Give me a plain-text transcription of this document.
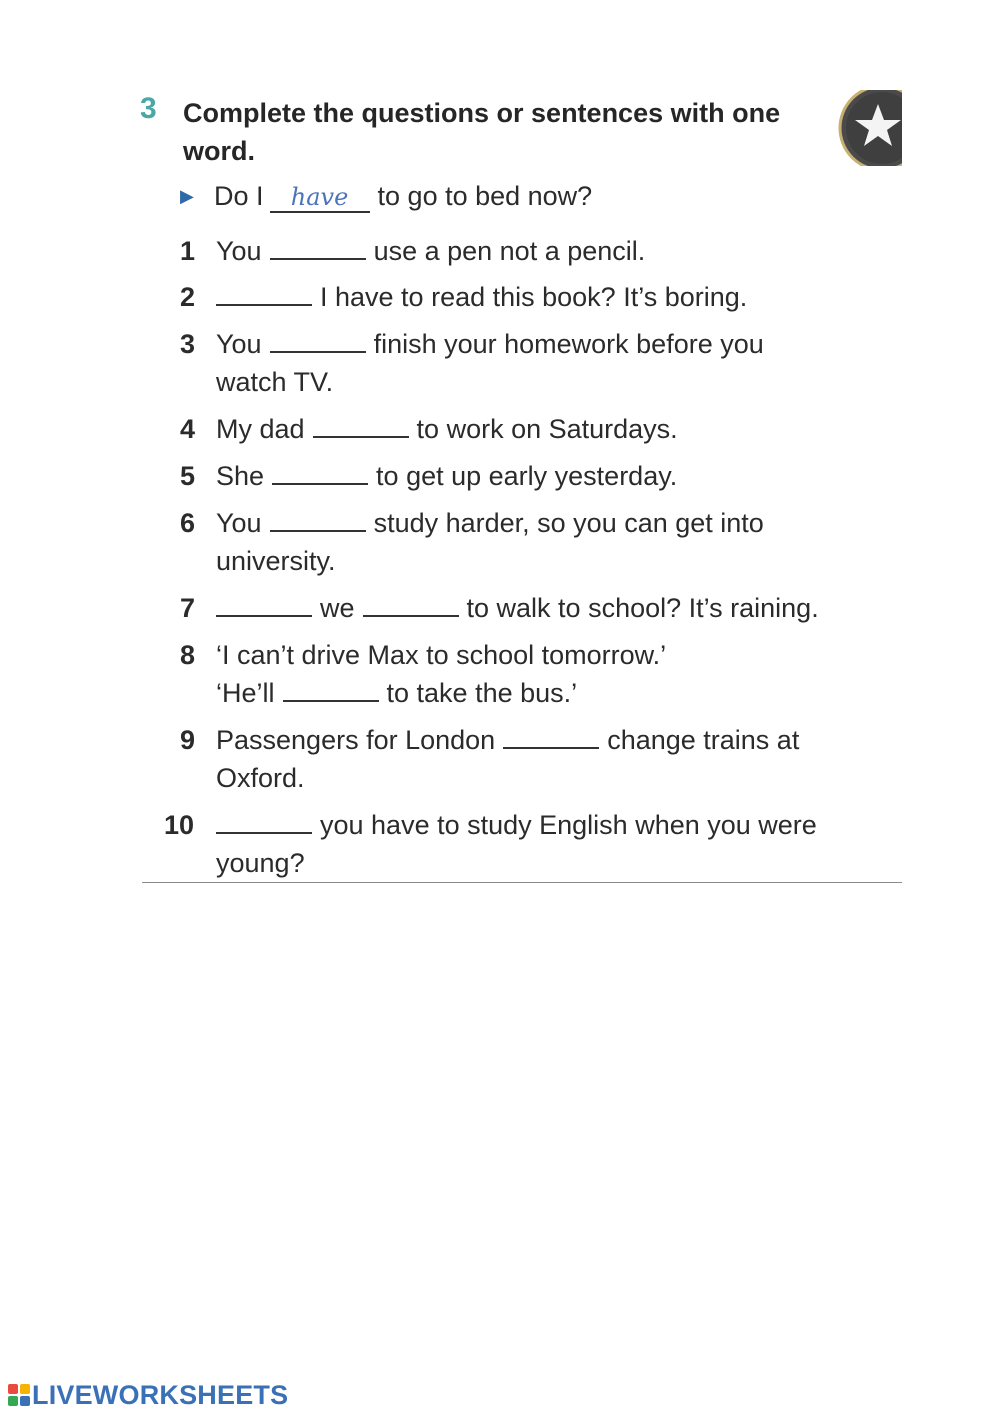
3 Complete the questions or sentences with one word.
▶ Do I have to go to bed now?
1 You	use a pen not a pencil.
2	I have to read this book? It’s boring.
3 You	finish your homework before you
watch TV.
4 My dad	to work on Saturdays.
5 She	to get up early yesterday.
6 You	study harder, so you can get into
university.
7	we	to walk to school? It’s raining.
8 ‘I can’t drive Max to school tomorrow.’
‘He’ll	to take the bus.’
9 Passengers for London	change trains at
Oxford.
10	you have to study English when you were
young?
LIVEWORKSHEETS
